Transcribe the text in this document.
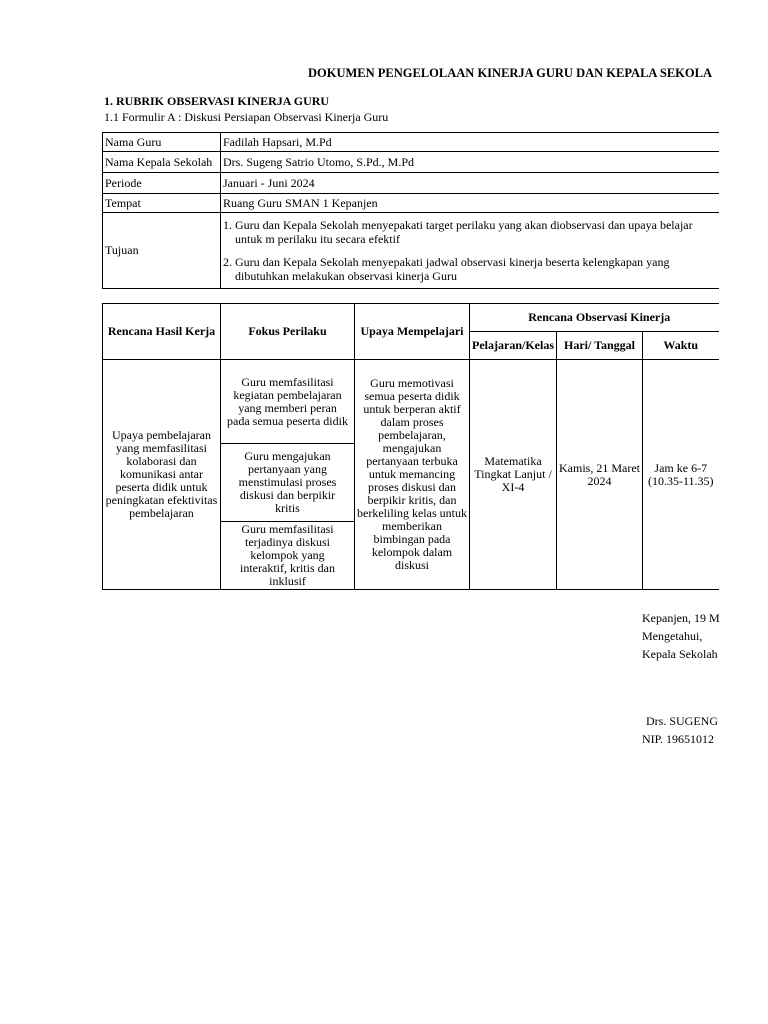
DOKUMEN PENGELOLAAN KINERJA GURU DAN KEPALA SEKOLA
1. RUBRIK OBSERVASI KINERJA GURU
1.1 Formulir A : Diskusi Persiapan Observasi Kinerja Guru
Nama Guru	Fadilah Hapsari, M.Pd
Nama Kepala Sekolah	Drs. Sugeng Satrio Utomo, S.Pd., M.Pd
Periode	Januari - Juni 2024
Tempat	Ruang Guru SMAN 1 Kepanjen
Tujuan	1. Guru dan Kepala Sekolah menyepakati target perilaku yang akan diobservasi dan upaya belajar untuk m perilaku itu secara efektif
2. Guru dan Kepala Sekolah menyepakati jadwal observasi kinerja beserta kelengkapan yang dibutuhkan melakukan observasi kinerja Guru
Rencana Hasil Kerja	Fokus Perilaku	Upaya Mempelajari	Rencana Observasi Kinerja		
			Pelajaran/Kelas	Hari/ Tanggal	Waktu
Upaya pembelajaran yang memfasilitasi kolaborasi dan komunikasi antar peserta didik untuk peningkatan efektivitas pembelajaran	Guru memfasilitasi kegiatan pembelajaran yang memberi peran pada semua peserta didik	Guru memotivasi semua peserta didik untuk berperan aktif dalam proses pembelajaran, mengajukan pertanyaan terbuka untuk memancing proses diskusi dan berpikir kritis, dan berkeliling kelas untuk memberikan bimbingan pada kelompok dalam diskusi	Matematika Tingkat Lanjut / XI-4	Kamis, 21 Maret 2024	Jam ke 6-7 (10.35-11.35)
	Guru mengajukan pertanyaan yang menstimulasi proses diskusi dan berpikir kritis				
	Guru memfasilitasi terjadinya diskusi kelompok yang interaktif, kritis dan inklusif				
Kepanjen, 19 M
Mengetahui,
Kepala Sekolah
Drs. SUGENG
NIP. 19651012
